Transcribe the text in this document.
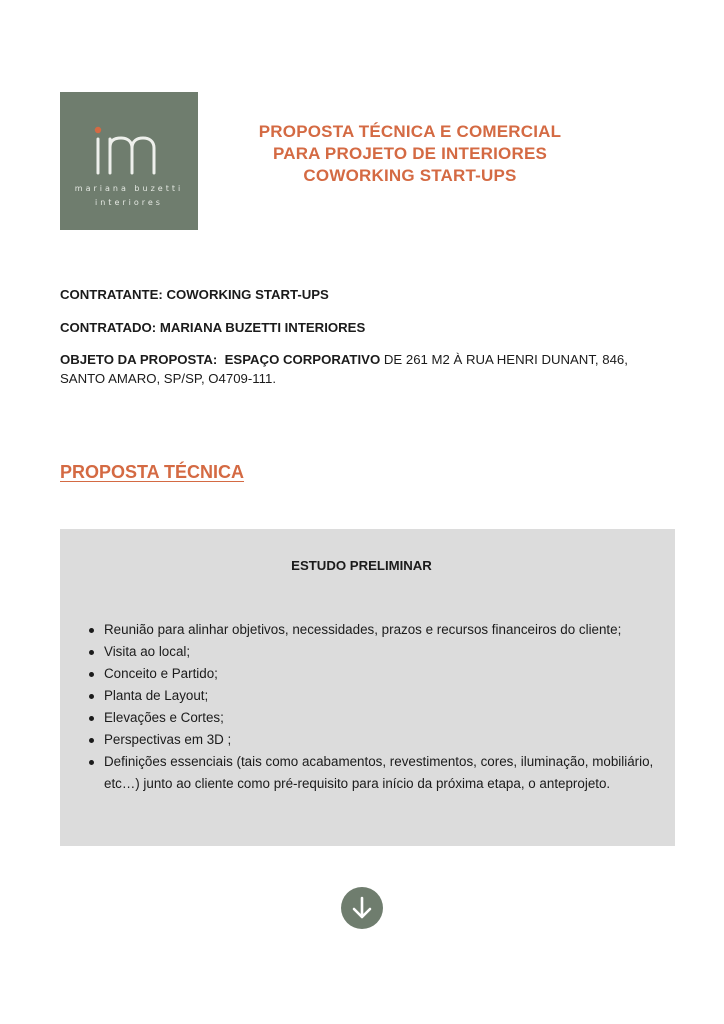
mariana buzetti
interiores
PROPOSTA TÉCNICA E COMERCIAL PARA PROJETO DE INTERIORES COWORKING START-UPS
CONTRATANTE: COWORKING START-UPS
CONTRATADO: MARIANA BUZETTI INTERIORES
OBJETO DA PROPOSTA: ESPAÇO CORPORATIVO DE 261 M2 À RUA HENRI DUNANT, 846, SANTO AMARO, SP/SP, O4709-111.
PROPOSTA TÉCNICA
ESTUDO PRELIMINAR
Reunião para alinhar objetivos, necessidades, prazos e recursos financeiros do cliente;
Visita ao local;
Conceito e Partido;
Planta de Layout;
Elevações e Cortes;
Perspectivas em 3D ;
Definições essenciais (tais como acabamentos, revestimentos, cores, iluminação, mobiliário, etc…) junto ao cliente como pré-requisito para início da próxima etapa, o anteprojeto.
